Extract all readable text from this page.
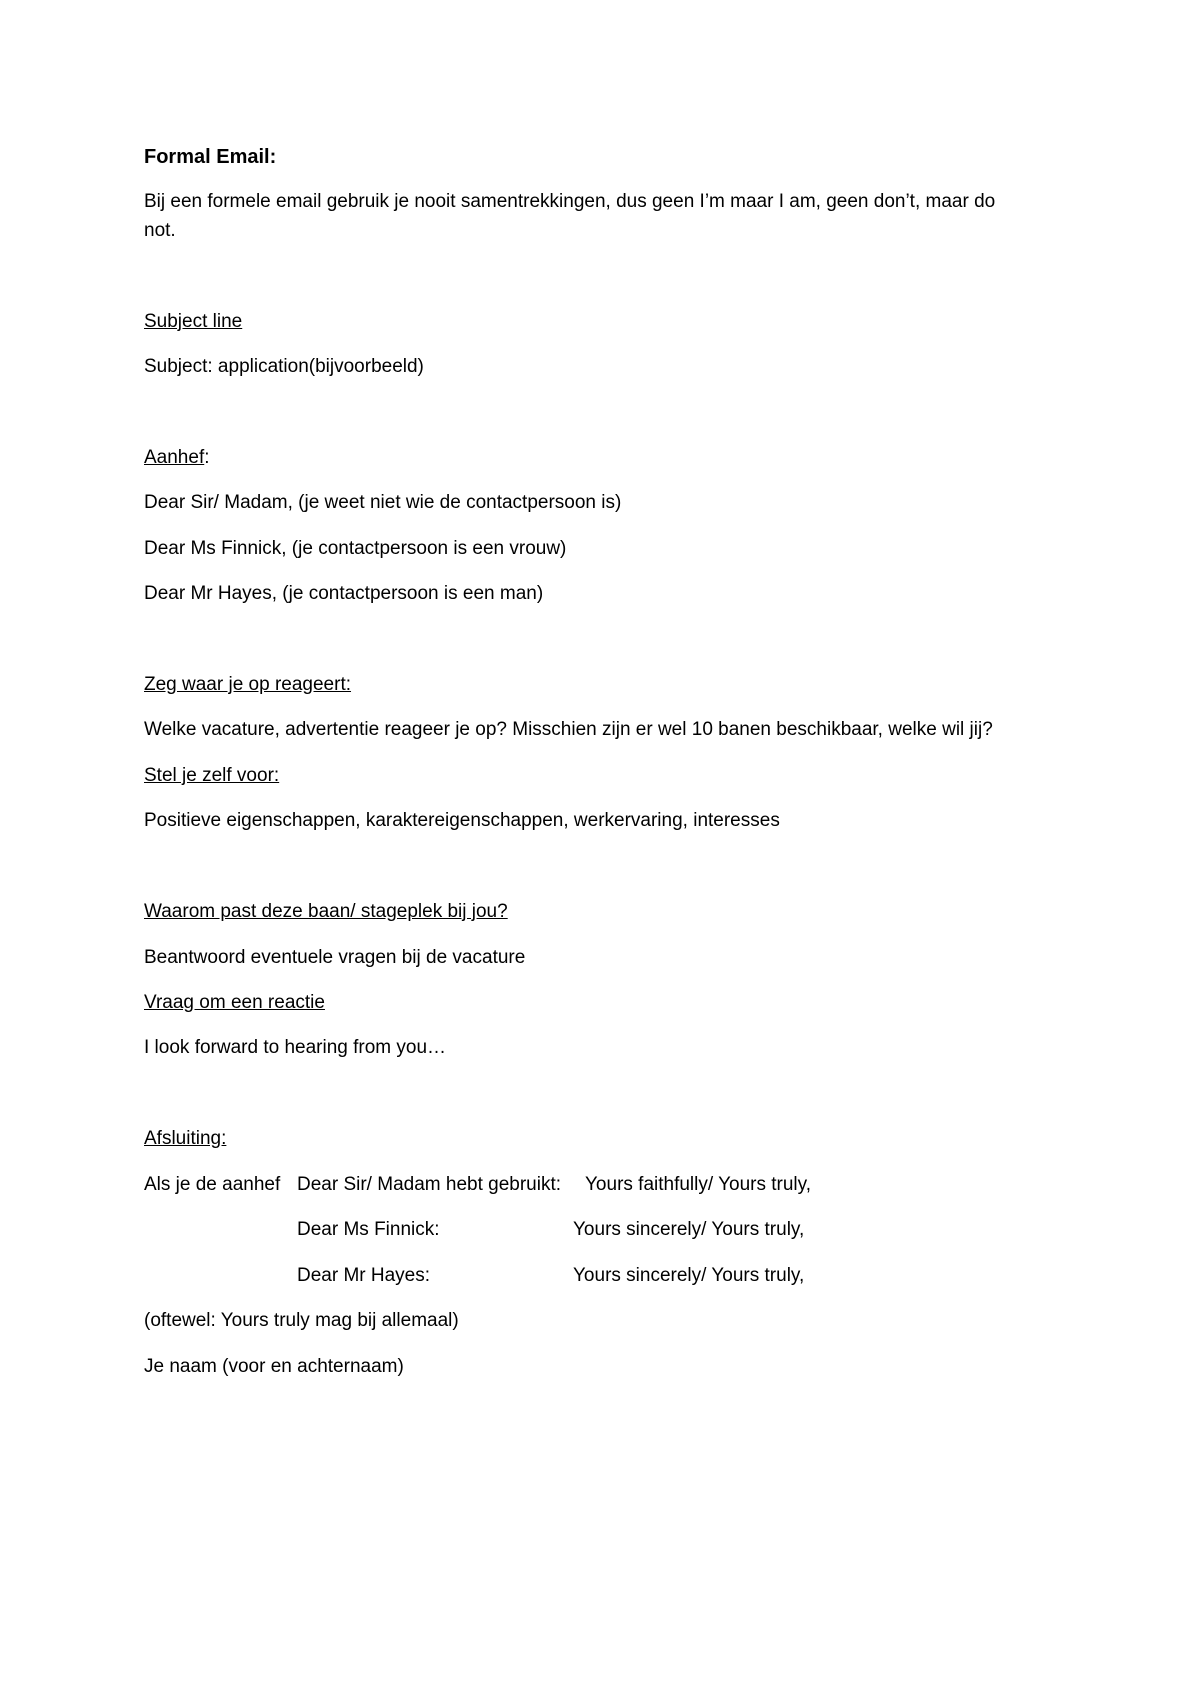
Formal Email:
Bij een formele email gebruik je nooit samentrekkingen, dus geen I’m maar I am, geen don’t, maar do
not.
Subject line
Subject: application(bijvoorbeeld)
Aanhef:
Dear Sir/ Madam, (je weet niet wie de contactpersoon is)
Dear Ms Finnick, (je contactpersoon is een vrouw)
Dear Mr Hayes, (je contactpersoon is een man)
Zeg waar je op reageert:
Welke vacature, advertentie reageer je op? Misschien zijn er wel 10 banen beschikbaar, welke wil jij?
Stel je zelf voor:
Positieve eigenschappen, karaktereigenschappen, werkervaring, interesses
Waarom past deze baan/ stageplek bij jou?
Beantwoord eventuele vragen bij de vacature
Vraag om een reactie
I look forward to hearing from you…
Afsluiting:
Als je de aanhef Dear Sir/ Madam hebt gebruikt: Yours faithfully/ Yours truly,
Dear Ms Finnick:	Yours sincerely/ Yours truly,
Dear Mr Hayes:	Yours sincerely/ Yours truly,
(oftewel: Yours truly mag bij allemaal)
Je naam (voor en achternaam)
